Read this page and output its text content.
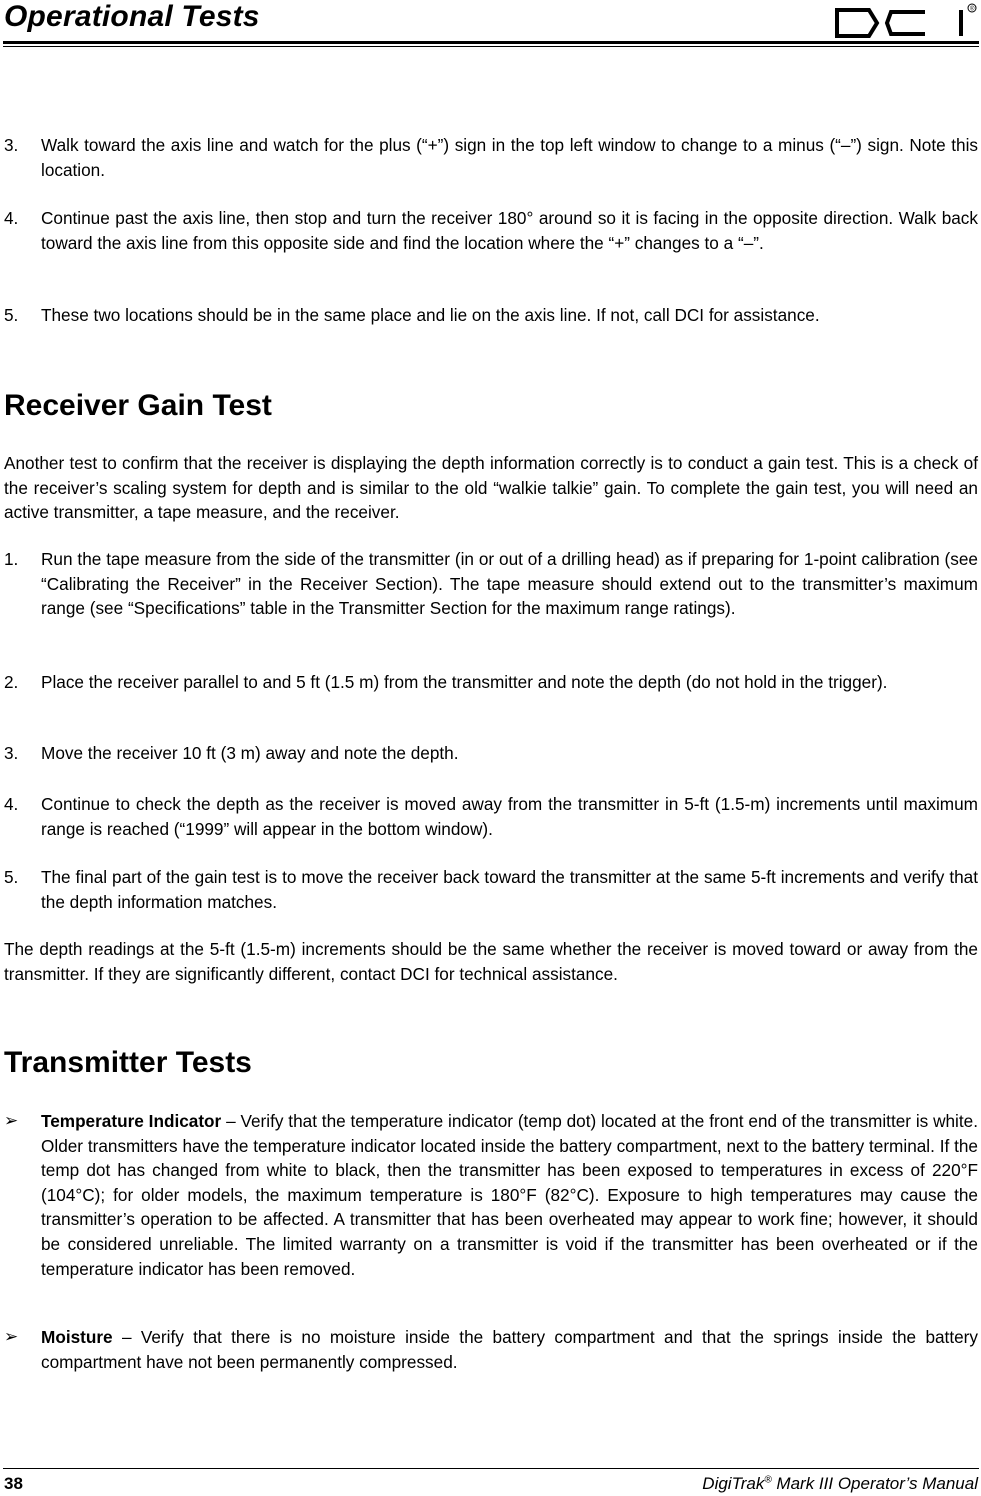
Operational Tests	®
3. Walk toward the axis line and watch for the plus (“+”) sign in the top left window to change to a minus (“–”) sign. Note this location.
4. Continue past the axis line, then stop and turn the receiver 180° around so it is facing in the opposite direction. Walk back toward the axis line from this opposite side and find the location where the “+” changes to a “–”.
5. These two locations should be in the same place and lie on the axis line. If not, call DCI for assistance.
Receiver Gain Test
Another test to confirm that the receiver is displaying the depth information correctly is to conduct a gain test. This is a check of the receiver’s scaling system for depth and is similar to the old “walkie talkie” gain. To complete the gain test, you will need an active transmitter, a tape measure, and the receiver.
1. Run the tape measure from the side of the transmitter (in or out of a drilling head) as if preparing for 1-point calibration (see “Calibrating the Receiver” in the Receiver Section). The tape measure should extend out to the transmitter’s maximum range (see “Specifications” table in the Transmitter Section for the maximum range ratings).
2. Place the receiver parallel to and 5 ft (1.5 m) from the transmitter and note the depth (do not hold in the trigger).
3. Move the receiver 10 ft (3 m) away and note the depth.
4. Continue to check the depth as the receiver is moved away from the transmitter in 5-ft (1.5-m) increments until maximum range is reached (“1999” will appear in the bottom window).
5. The final part of the gain test is to move the receiver back toward the transmitter at the same 5-ft increments and verify that the depth information matches.
The depth readings at the 5-ft (1.5-m) increments should be the same whether the receiver is moved toward or away from the transmitter. If they are significantly different, contact DCI for technical assistance.
Transmitter Tests
➢ Temperature Indicator – Verify that the temperature indicator (temp dot) located at the front end of the transmitter is white. Older transmitters have the temperature indicator located inside the battery compartment, next to the battery terminal. If the temp dot has changed from white to black, then the transmitter has been exposed to temperatures in excess of 220°F (104°C); for older models, the maximum temperature is 180°F (82°C). Exposure to high temperatures may cause the transmitter’s operation to be affected. A transmitter that has been overheated may appear to work fine; however, it should be considered unreliable. The limited warranty on a transmitter is void if the transmitter has been overheated or if the temperature indicator has been removed.
➢ Moisture – Verify that there is no moisture inside the battery compartment and that the springs inside the battery compartment have not been permanently compressed.
38	DigiTrak® Mark III Operator’s Manual
